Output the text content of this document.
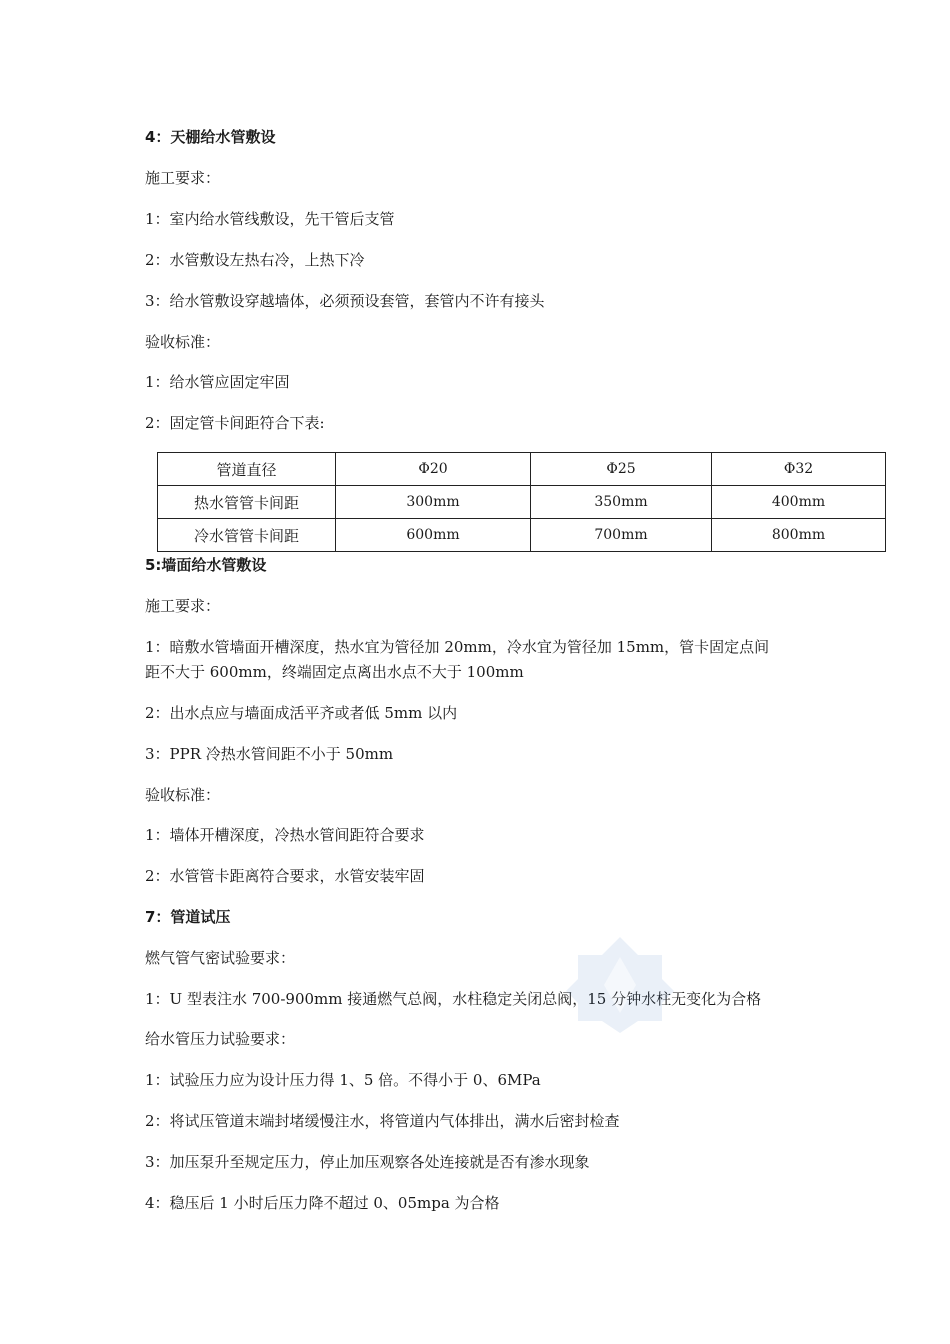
4：天棚给水管敷设
施工要求：
1：室内给水管线敷设，先干管后支管
2：水管敷设左热右冷，上热下冷
3：给水管敷设穿越墙体，必须预设套管，套管内不许有接头
验收标准：
1：给水管应固定牢固
2：固定管卡间距符合下表:
管道直径	Φ20	Φ25	Φ32
热水管管卡间距	300mm	350mm	400mm
冷水管管卡间距	600mm	700mm	800mm
5:墙面给水管敷设
施工要求：
1：暗敷水管墙面开槽深度，热水宜为管径加 20mm，冷水宜为管径加 15mm，管卡固定点间
距不大于 600mm，终端固定点离出水点不大于 100mm
2：出水点应与墙面成活平齐或者低 5mm 以内
3：PPR 冷热水管间距不小于 50mm
验收标准：
1：墙体开槽深度，冷热水管间距符合要求
2：水管管卡距离符合要求，水管安装牢固
7：管道试压
燃气管气密试验要求：
1：U 型表注水 700-900mm 接通燃气总阀，水柱稳定关闭总阀，15 分钟水柱无变化为合格
给水管压力试验要求：
1：试验压力应为设计压力得 1、5 倍。不得小于 0、6MPa
2：将试压管道末端封堵缓慢注水，将管道内气体排出，满水后密封检查
3：加压泵升至规定压力，停止加压观察各处连接就是否有渗水现象
4：稳压后 1 小时后压力降不超过 0、05mpa 为合格
